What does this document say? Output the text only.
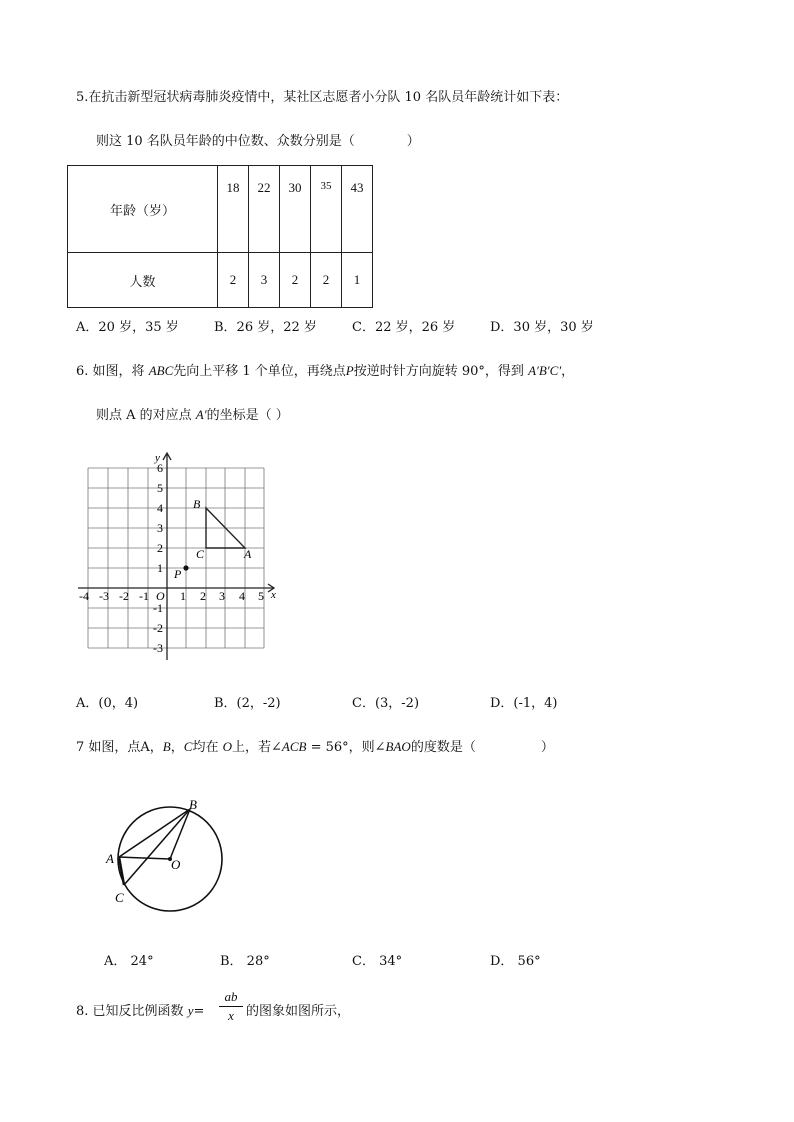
5.在抗击新型冠状病毒肺炎疫情中，某社区志愿者小分队 10 名队员年龄统计如下表：
则这 10 名队员年龄的中位数、众数分别是（　　　　）
年龄（岁）	18	22	30	35	43

人数	2	3	2	2	1
A．20 岁，35 岁	B．26 岁，22 岁	C．22 岁，26 岁	D．30 岁，30 岁
6. 如图，将 ABC先向上平移 1 个单位，再绕点P按逆时针方向旋转 90°，得到 A′B′C′，
则点 A 的对应点 A′的坐标是（ ）
x
y
O
-4 -3 -2 -1	1 2 3 4 5
6
5
4
3
2
1
-1
-2
-3
B
C	A
P
A．(0，4)	B．(2，-2)	C．(3，-2)	D．(-1，4)
7 如图，点A，B，C均在 O上，若∠ACB = 56°，则∠BAO的度数是（　　　　　）
B
A
C
O
A． 24°	B． 28°	C． 34°	D． 56°
8. 已知反比例函数 y=
ab
x 的图象如图所示，
